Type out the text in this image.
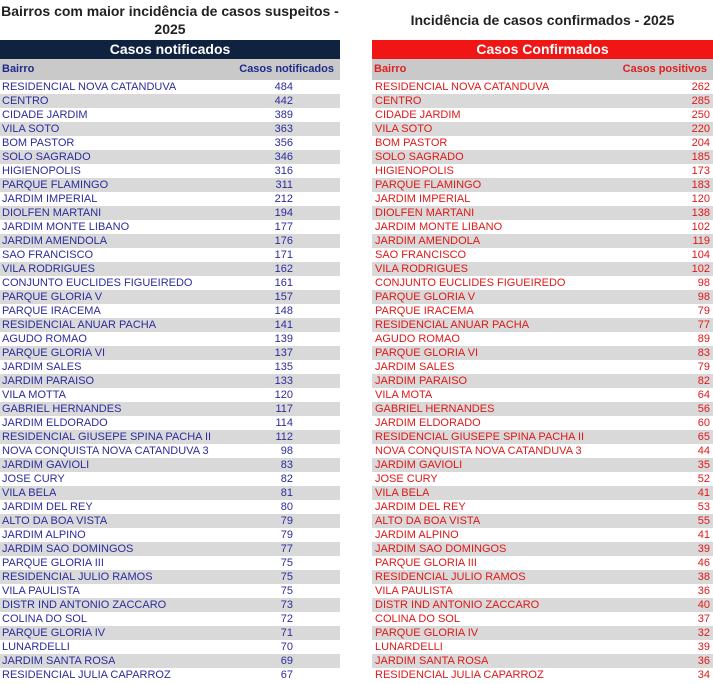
Bairros com maior incidência de casos suspeitos - 2025
Casos notificados
Bairro	Casos notificados
RESIDENCIAL NOVA CATANDUVA	484
CENTRO	442
CIDADE JARDIM	389
VILA SOTO	363
BOM PASTOR	356
SOLO SAGRADO	346
HIGIENOPOLIS	316
PARQUE FLAMINGO	311
JARDIM IMPERIAL	212
DIOLFEN MARTANI	194
JARDIM MONTE LIBANO	177
JARDIM AMENDOLA	176
SAO FRANCISCO	171
VILA RODRIGUES	162
CONJUNTO EUCLIDES FIGUEIREDO	161
PARQUE GLORIA V	157
PARQUE IRACEMA	148
RESIDENCIAL ANUAR PACHA	141
AGUDO ROMAO	139
PARQUE GLORIA VI	137
JARDIM SALES	135
JARDIM PARAISO	133
VILA MOTTA	120
GABRIEL HERNANDES	117
JARDIM ELDORADO	114
RESIDENCIAL GIUSEPE SPINA PACHA II	112
NOVA CONQUISTA NOVA CATANDUVA 3	98
JARDIM GAVIOLI	83
JOSE CURY	82
VILA BELA	81
JARDIM DEL REY	80
ALTO DA BOA VISTA	79
JARDIM ALPINO	79
JARDIM SAO DOMINGOS	77
PARQUE GLORIA III	75
RESIDENCIAL JULIO RAMOS	75
VILA PAULISTA	75
DISTR IND ANTONIO ZACCARO	73
COLINA DO SOL	72
PARQUE GLORIA IV	71
LUNARDELLI	70
JARDIM SANTA ROSA	69
RESIDENCIAL JULIA CAPARROZ	67
Incidência de casos confirmados - 2025
Casos Confirmados
Bairro	Casos positivos
RESIDENCIAL NOVA CATANDUVA	262
CENTRO	285
CIDADE JARDIM	250
VILA SOTO	220
BOM PASTOR	204
SOLO SAGRADO	185
HIGIENOPOLIS	173
PARQUE FLAMINGO	183
JARDIM IMPERIAL	120
DIOLFEN MARTANI	138
JARDIM MONTE LIBANO	102
JARDIM AMENDOLA	119
SAO FRANCISCO	104
VILA RODRIGUES	102
CONJUNTO EUCLIDES FIGUEIREDO	98
PARQUE GLORIA V	98
PARQUE IRACEMA	79
RESIDENCIAL ANUAR PACHA	77
AGUDO ROMAO	89
PARQUE GLORIA VI	83
JARDIM SALES	79
JARDIM PARAISO	82
VILA MOTA	64
GABRIEL HERNANDES	56
JARDIM ELDORADO	60
RESIDENCIAL GIUSEPE SPINA PACHA II	65
NOVA CONQUISTA NOVA CATANDUVA 3	44
JARDIM GAVIOLI	35
JOSE CURY	52
VILA BELA	41
JARDIM DEL REY	53
ALTO DA BOA VISTA	55
JARDIM ALPINO	41
JARDIM SAO DOMINGOS	39
PARQUE GLORIA III	46
RESIDENCIAL JULIO RAMOS	38
VILA PAULISTA	36
DISTR IND ANTONIO ZACCARO	40
COLINA DO SOL	37
PARQUE GLORIA IV	32
LUNARDELLI	39
JARDIM SANTA ROSA	36
RESIDENCIAL JULIA CAPARROZ	34
